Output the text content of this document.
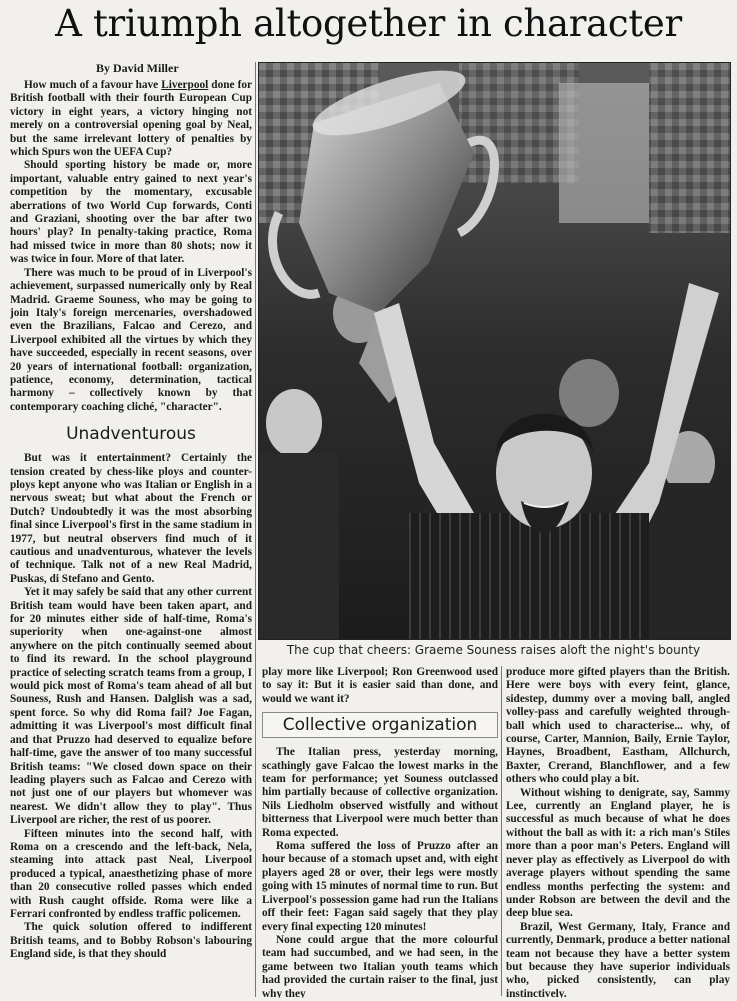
A triumph altogether in character
By David Miller

How much of a favour have Liverpool done for British football with their fourth European Cup victory in eight years, a victory hinging not merely on a controversial opening goal by Neal, but the same irrelevant lottery of penalties by which Spurs won the UEFA Cup?

Should sporting history be made or, more important, valuable entry gained to next year's competition by the momentary, excusable aberrations of two World Cup forwards, Conti and Graziani, shooting over the bar after two hours' play? In penalty-taking practice, Roma had missed twice in more than 80 shots; now it was twice in four. More of that later.

There was much to be proud of in Liverpool's achievement, surpassed numerically only by Real Madrid. Graeme Souness, who may be going to join Italy's foreign mercenaries, overshadowed even the Brazilians, Falcao and Cerezo, and Liverpool exhibited all the virtues by which they have succeeded, especially in recent seasons, over 20 years of international football: organization, patience, economy, determination, tactical harmony – collectively known by that contemporary coaching cliché, "character".

Unadventurous

But was it entertainment? Certainly the tension created by chess-like ploys and counter-ploys kept anyone who was Italian or English in a nervous sweat; but what about the French or Dutch? Undoubtedly it was the most absorbing final since Liverpool's first in the same stadium in 1977, but neutral observers find much of it cautious and unadventurous, whatever the levels of technique. Talk not of a new Real Madrid, Puskas, di Stefano and Gento.

Yet it may safely be said that any other current British team would have been taken apart, and for 20 minutes either side of half-time, Roma's superiority when one-against-one almost anywhere on the pitch continually seemed about to find its reward. In the school playground practice of selecting scratch teams from a group, I would pick most of Roma's team ahead of all but Souness, Rush and Hansen. Dalglish was a sad, spent force. So why did Roma fail? Joe Fagan, admitting it was Liverpool's most difficult final and that Pruzzo had deserved to equalize before half-time, gave the answer of too many successful British teams: "We closed down space on their leading players such as Falcao and Cerezo with not just one of our players but whomever was nearest. We didn't allow they to play". Thus Liverpool are richer, the rest of us poorer.

Fifteen minutes into the second half, with Roma on a crescendo and the left-back, Nela, steaming into attack past Neal, Liverpool produced a typical, anaesthetizing phase of more than 20 consecutive rolled passes which ended with Rush caught offside. Roma were like a Ferrari confronted by endless traffic policemen.

The quick solution offered to indifferent British teams, and to Bobby Robson's labouring England side, is that they should

The cup that cheers: Graeme Souness raises aloft the night's bounty

play more like Liverpool; Ron Greenwood used to say it: But it is easier said than done, and would we want it?

Collective organization

The Italian press, yesterday morning, scathingly gave Falcao the lowest marks in the team for performance; yet Souness outclassed him partially because of collective organization. Nils Liedholm observed wistfully and without bitterness that Liverpool were much better than Roma expected.

Roma suffered the loss of Pruzzo after an hour because of a stomach upset and, with eight players aged 28 or over, their legs were mostly going with 15 minutes of normal time to run. But Liverpool's possession game had run the Italians off their feet: Fagan said sagely that they play every final expecting 120 minutes!

None could argue that the more colourful team had succumbed, and we had seen, in the game between two Italian youth teams which had provided the curtain raiser to the final, just why they

produce more gifted players than the British. Here were boys with every feint, glance, sidestep, dummy over a moving ball, angled volley-pass and carefully weighted through-ball which used to characterise... why, of course, Carter, Mannion, Baily, Ernie Taylor, Haynes, Broadbent, Eastham, Allchurch, Baxter, Crerand, Blanchflower, and a few others who could play a bit.

Without wishing to denigrate, say, Sammy Lee, currently an England player, he is successful as much because of what he does without the ball as with it: a rich man's Stiles more than a poor man's Peters. England will never play as effectively as Liverpool do with average players without spending the same endless months perfecting the system: and under Robson are between the devil and the deep blue sea.

Brazil, West Germany, Italy, France and currently, Denmark, produce a better national team not because they have a better system but because they have superior individuals who, picked consistently, can play instinctively.
